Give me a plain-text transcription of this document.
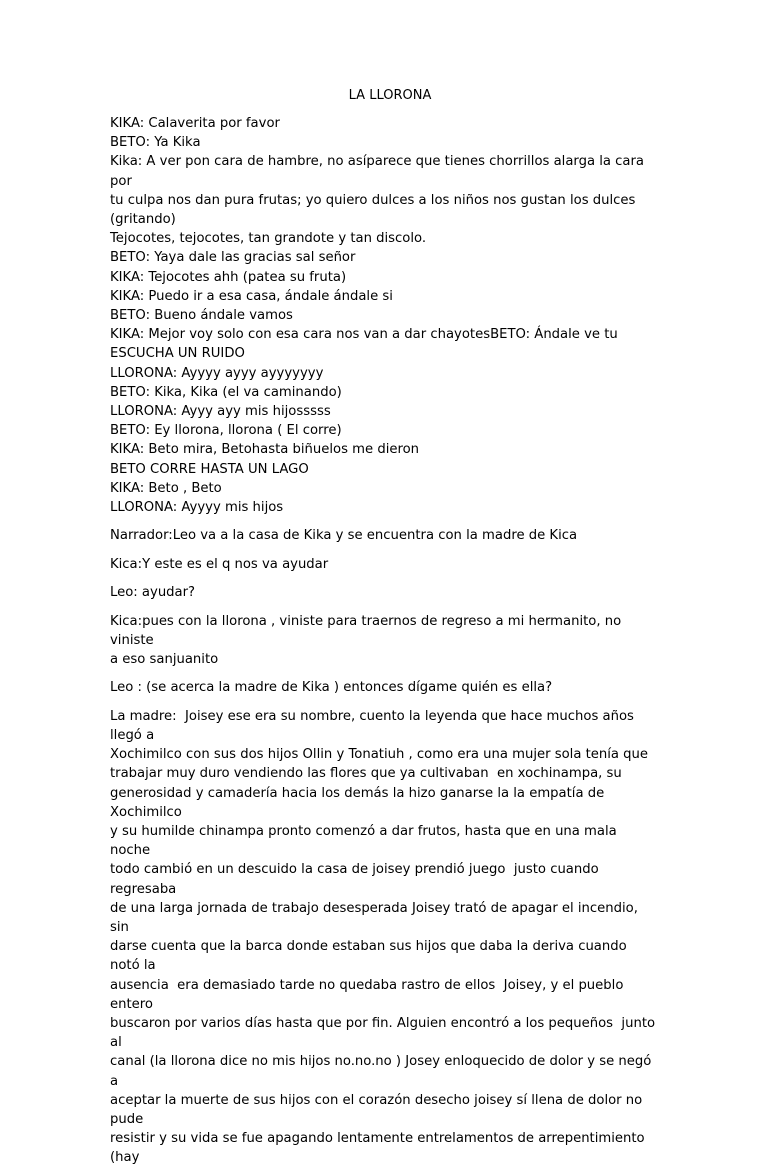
LA LLORONA
KIKA: Calaverita por favor
BETO: Ya Kika
Kika: A ver pon cara de hambre, no asíparece que tienes chorrillos alarga la cara por
tu culpa nos dan pura frutas; yo quiero dulces a los niños nos gustan los dulces
(gritando)
Tejocotes, tejocotes, tan grandote y tan discolo.
BETO: Yaya dale las gracias sal señor
KIKA: Tejocotes ahh (patea su fruta)
KIKA: Puedo ir a esa casa, ándale ándale si
BETO: Bueno ándale vamos
KIKA: Mejor voy solo con esa cara nos van a dar chayotesBETO: Ándale ve tu
ESCUCHA UN RUIDO
LLORONA: Ayyyy ayyy ayyyyyyy
BETO: Kika, Kika (el va caminando)
LLORONA: Ayyy ayy mis hijosssss
BETO: Ey llorona, llorona ( El corre)
KIKA: Beto mira, Betohasta biñuelos me dieron
BETO CORRE HASTA UN LAGO
KIKA: Beto , Beto
LLORONA: Ayyyy mis hijos
Narrador:Leo va a la casa de Kika y se encuentra con la madre de Kica
Kica:Y este es el q nos va ayudar
Leo: ayudar?
Kica:pues con la llorona , viniste para traernos de regreso a mi hermanito, no viniste
a eso sanjuanito
Leo : (se acerca la madre de Kika ) entonces dígame quién es ella?
La madre:  Joisey ese era su nombre, cuento la leyenda que hace muchos años llegó a
Xochimilco con sus dos hijos Ollin y Tonatiuh , como era una mujer sola tenía que
trabajar muy duro vendiendo las flores que ya cultivaban  en xochinampa, su
generosidad y camadería hacia los demás la hizo ganarse la la empatía de Xochimilco
y su humilde chinampa pronto comenzó a dar frutos, hasta que en una mala noche
todo cambió en un descuido la casa de joisey prendió juego  justo cuando regresaba
de una larga jornada de trabajo desesperada Joisey trató de apagar el incendio, sin
darse cuenta que la barca donde estaban sus hijos que daba la deriva cuando notó la
ausencia  era demasiado tarde no quedaba rastro de ellos  Joisey, y el pueblo entero
buscaron por varios días hasta que por fin. Alguien encontró a los pequeños  junto al
canal (la llorona dice no mis hijos no.no.no ) Josey enloquecido de dolor y se negó a
aceptar la muerte de sus hijos con el corazón desecho joisey sí llena de dolor no pude
resistir y su vida se fue apagando lentamente entrelamentos de arrepentimiento (hay
